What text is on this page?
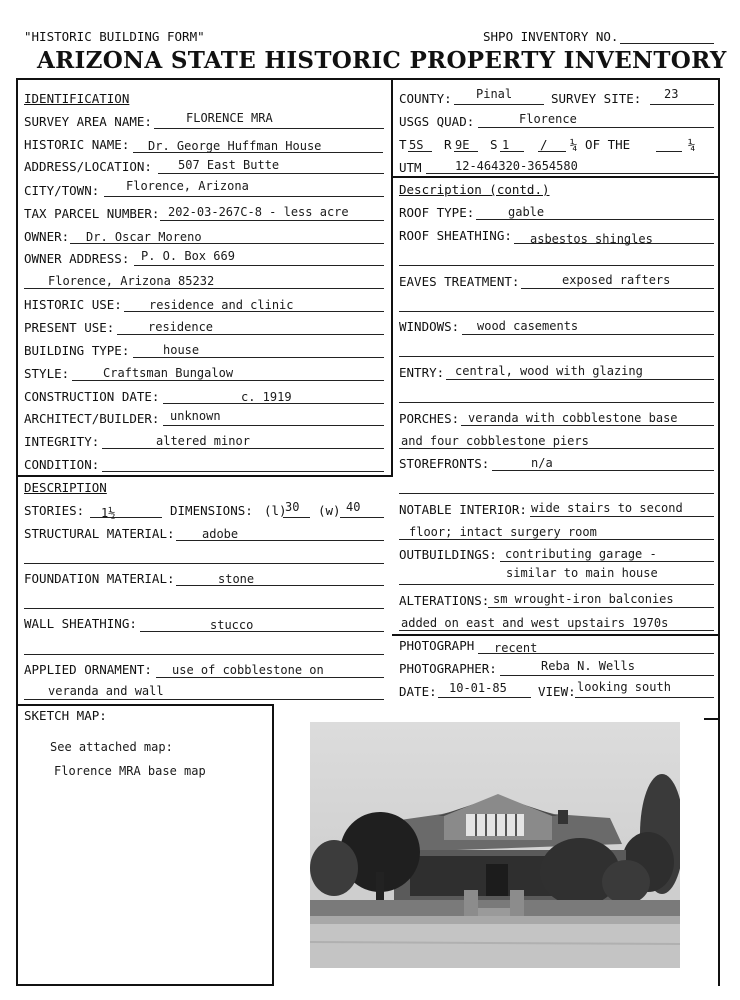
"HISTORIC BUILDING FORM"	SHPO INVENTORY NO.
ARIZONA STATE HISTORIC PROPERTY INVENTORY
IDENTIFICATION
SURVEY AREA NAME:	FLORENCE MRA
HISTORIC NAME: Dr. George Huffman House
ADDRESS/LOCATION: 507 East Butte
CITY/TOWN: Florence, Arizona
TAX PARCEL NUMBER: 202-03-267C-8 - less acre
OWNER: Dr. Oscar Moreno
OWNER ADDRESS: P. O. Box 669
Florence, Arizona 85232
HISTORIC USE: residence and clinic
PRESENT USE:	residence
BUILDING TYPE:	house
STYLE:	Craftsman Bungalow
CONSTRUCTION DATE:	c. 1919
ARCHITECT/BUILDER: unknown
INTEGRITY:	altered minor
CONDITION:
COUNTY: Pinal	SURVEY SITE: 23
USGS QUAD:	Florence
T 5S R 9E S 1 / ¼ OF THE	¼
UTM	12-464320-3654580
Description (contd.)
ROOF TYPE:	gable
ROOF SHEATHING: asbestos shingles
EAVES TREATMENT:	exposed rafters
WINDOWS: wood casements
ENTRY: central, wood with glazing
PORCHES: veranda with cobblestone base
and four cobblestone piers
STOREFRONTS:	n/a
NOTABLE INTERIOR: wide stairs to second
floor; intact surgery room
OUTBUILDINGS: contributing garage -
similar to main house
ALTERATIONS: sm wrought-iron balconies
added on east and west upstairs 1970s
PHOTOGRAPH recent
PHOTOGRAPHER:	Reba N. Wells
DATE: 10-01-85 VIEW: looking south
DESCRIPTION
STORIES: 1½	DIMENSIONS: (l)
30 (w) 40
STRUCTURAL MATERIAL: adobe
FOUNDATION MATERIAL:	stone
WALL SHEATHING:	stucco
APPLIED ORNAMENT: use of cobblestone on
veranda and wall
SKETCH MAP:
See attached map:
Florence MRA base map
